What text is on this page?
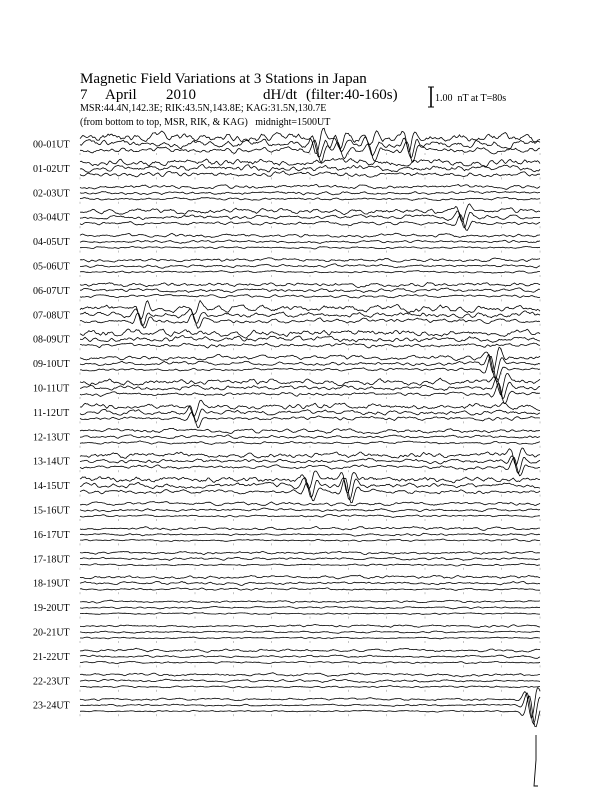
Magnetic Field Variations at 3 Stations in Japan

7

April

2010

	dH/dt

(filter:40-160s)

MSR:44.4N,142.3E; RIK:43.5N,143.8E; KAG:31.5N,130.7E
(from bottom to top, MSR, RIK, & KAG) midnight=1500UT
1.00  nT at T=80s
00-01UT
01-02UT
02-03UT
03-04UT
04-05UT
05-06UT
06-07UT
07-08UT
08-09UT
09-10UT
10-11UT
11-12UT
12-13UT
13-14UT
14-15UT
15-16UT
16-17UT
17-18UT
18-19UT
19-20UT
20-21UT
21-22UT
22-23UT
23-24UT
